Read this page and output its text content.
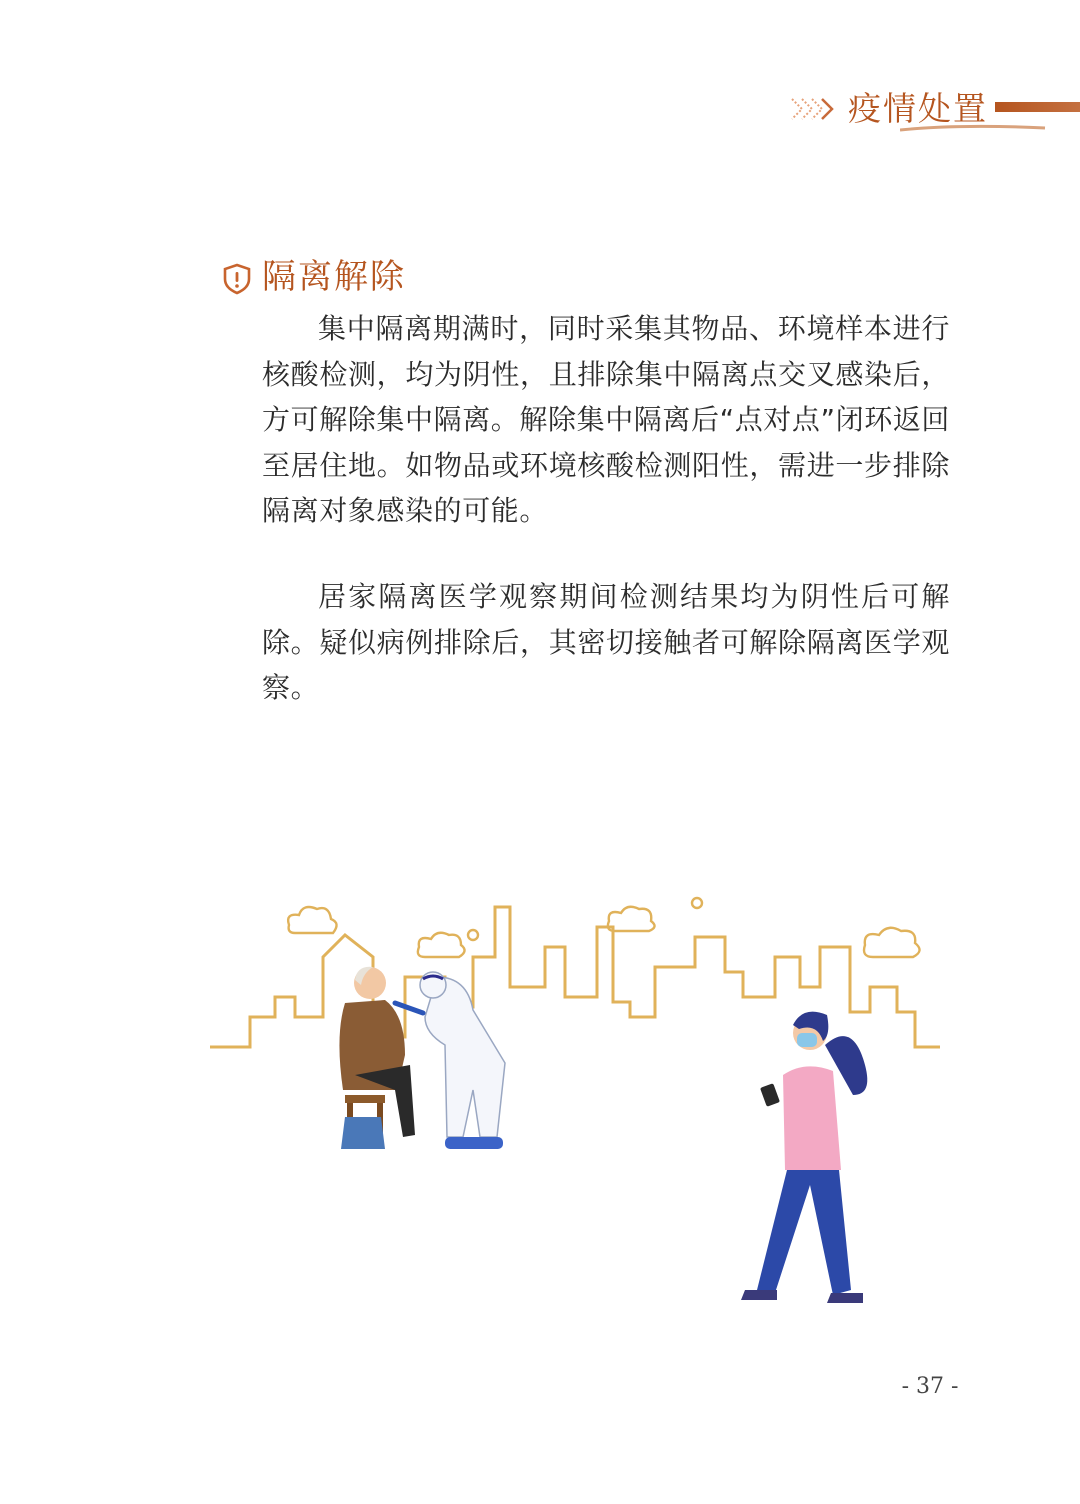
疫情处置
隔离解除

集中隔离期满时，同时采集其物品、环境样本进行核酸检测，均为阴性，且排除集中隔离点交叉感染后，方可解除集中隔离。解除集中隔离后“点对点”闭环返回至居住地。如物品或环境核酸检测阳性，需进一步排除隔离对象感染的可能。

居家隔离医学观察期间检测结果均为阴性后可解除。疑似病例排除后，其密切接触者可解除隔离医学观察。

- 37 -
